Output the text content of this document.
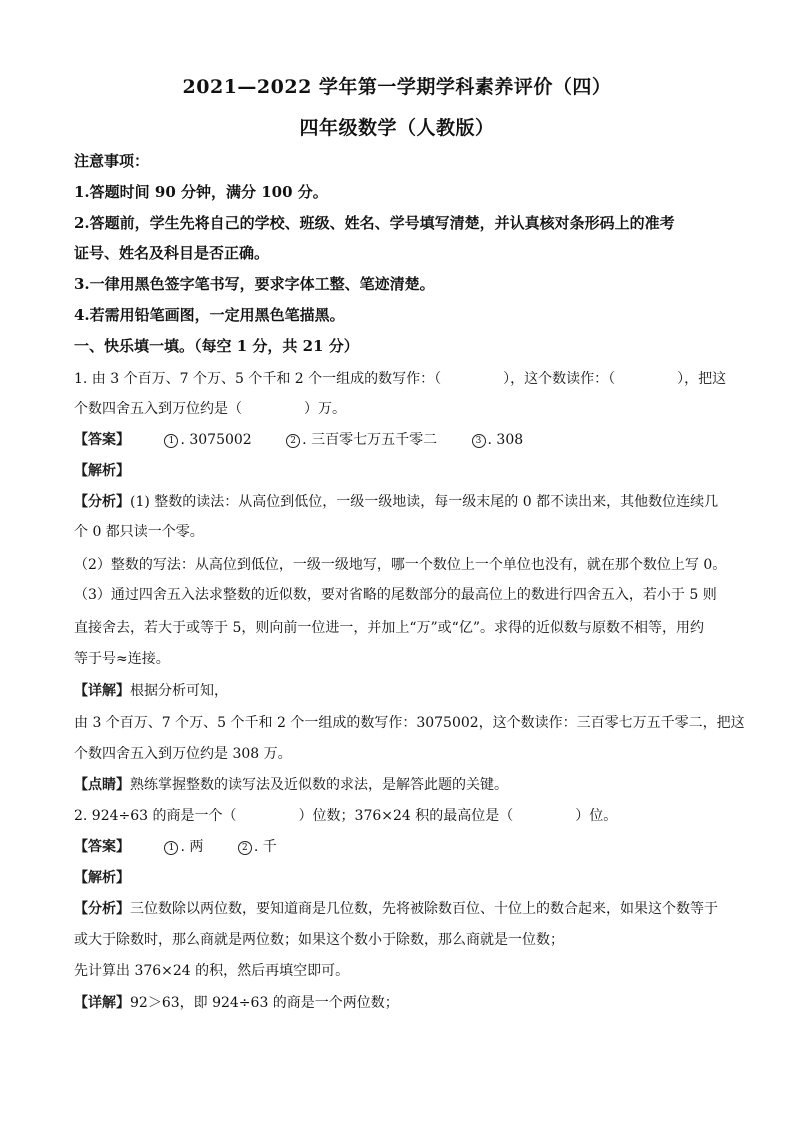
2021—2022 学年第一学期学科素养评价（四）
四年级数学（人教版）
注意事项：
1.答题时间 90 分钟，满分 100 分。
2.答题前，学生先将自己的学校、班级、姓名、学号填写清楚，并认真核对条形码上的准考
证号、姓名及科目是否正确。
3.一律用黑色签字笔书写，要求字体工整、笔迹清楚。
4.若需用铅笔画图，一定用黑色笔描黑。
一、快乐填一填。（每空 1 分，共 21 分）
1. 由 3 个百万、7 个万、5 个千和 2 个一组成的数写作：（	），这个数读作：（	），把这
个数四舍五入到万位约是（	）万。
【答案】	1 . 3075002	2 . 三百零七万五千零二	3 . 308
【解析】
【分析】(1) 整数的读法：从高位到低位，一级一级地读，每一级末尾的 0 都不读出来，其他数位连续几
个 0 都只读一个零。
（2）整数的写法：从高位到低位，一级一级地写，哪一个数位上一个单位也没有，就在那个数位上写 0。
（3）通过四舍五入法求整数的近似数，要对省略的尾数部分的最高位上的数进行四舍五入，若小于 5 则
直接舍去，若大于或等于 5，则向前一位进一，并加上“万”或“亿”。求得的近似数与原数不相等，用约
等于号≈连接。
【详解】根据分析可知，
由 3 个百万、7 个万、5 个千和 2 个一组成的数写作：3075002，这个数读作：三百零七万五千零二，把这
个数四舍五入到万位约是 308 万。
【点睛】熟练掌握整数的读写法及近似数的求法，是解答此题的关键。
2. 924÷63 的商是一个（	）位数；376×24 积的最高位是（	）位。
【答案】	1 . 两	2 . 千
【解析】
【分析】三位数除以两位数，要知道商是几位数，先将被除数百位、十位上的数合起来，如果这个数等于
或大于除数时，那么商就是两位数；如果这个数小于除数，那么商就是一位数；
先计算出 376×24 的积，然后再填空即可。
【详解】92＞63，即 924÷63 的商是一个两位数；
